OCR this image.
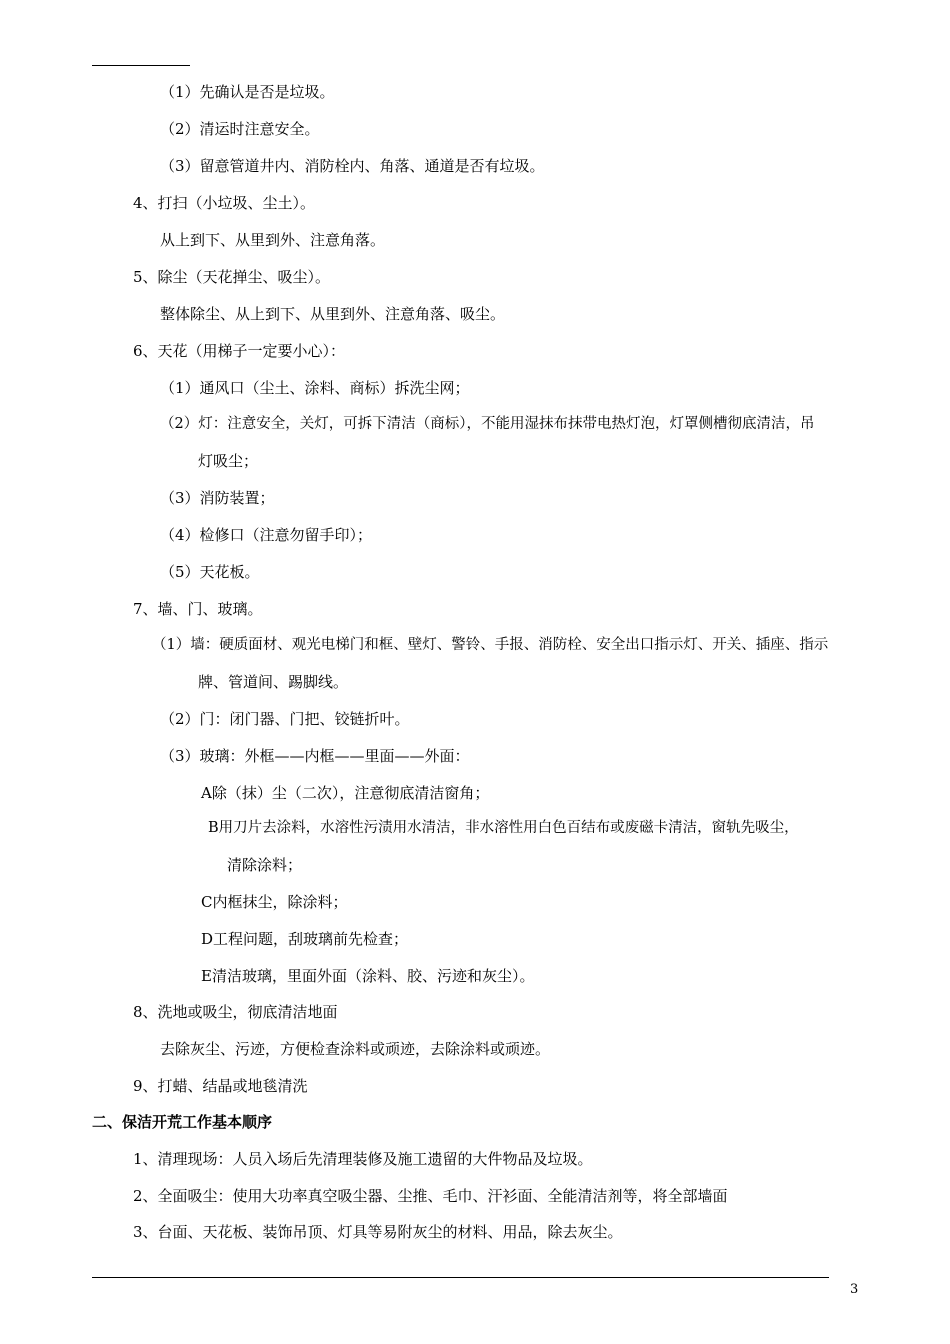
（1）先确认是否是垃圾。
（2）清运时注意安全。
（3）留意管道井内、消防栓内、角落、通道是否有垃圾。
4、打扫（小垃圾、尘土）。
从上到下、从里到外、注意角落。
5、除尘（天花掸尘、吸尘）。
整体除尘、从上到下、从里到外、注意角落、吸尘。
6、天花（用梯子一定要小心）：
（1）通风口（尘土、涂料、商标）拆洗尘网；
（2）灯：注意安全，关灯，可拆下清洁（商标），不能用湿抹布抹带电热灯泡，灯罩侧槽彻底清洁，吊
灯吸尘；
（3）消防装置；
（4）检修口（注意勿留手印）；
（5）天花板。
7、墙、门、玻璃。
（1）墙：硬质面材、观光电梯门和框、壁灯、警铃、手报、消防栓、安全出口指示灯、开关、插座、指示
牌、管道间、踢脚线。
（2）门：闭门器、门把、铰链折叶。
（3）玻璃：外框——内框——里面——外面：
A除（抹）尘（二次），注意彻底清洁窗角；
B用刀片去涂料，水溶性污渍用水清洁，非水溶性用白色百结布或废磁卡清洁，窗轨先吸尘，
清除涂料；
C内框抹尘，除涂料；
D工程问题，刮玻璃前先检查；
E清洁玻璃，里面外面（涂料、胶、污迹和灰尘）。
8、洗地或吸尘，彻底清洁地面
去除灰尘、污迹，方便检查涂料或顽迹，去除涂料或顽迹。
9、打蜡、结晶或地毯清洗
二、保洁开荒工作基本顺序
1、清理现场：人员入场后先清理装修及施工遗留的大件物品及垃圾。
2、全面吸尘：使用大功率真空吸尘器、尘推、毛巾、汗衫面、全能清洁剂等，将全部墙面
3、台面、天花板、装饰吊顶、灯具等易附灰尘的材料、用品，除去灰尘。
3
